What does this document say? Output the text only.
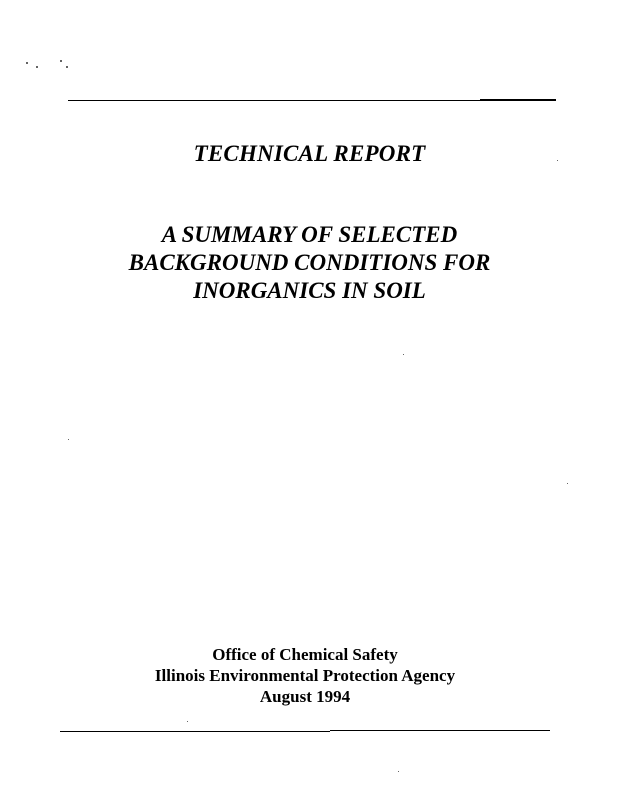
TECHNICAL REPORT
A SUMMARY OF SELECTED
BACKGROUND CONDITIONS FOR
INORGANICS IN SOIL
Office of Chemical Safety
Illinois Environmental Protection Agency
August 1994
